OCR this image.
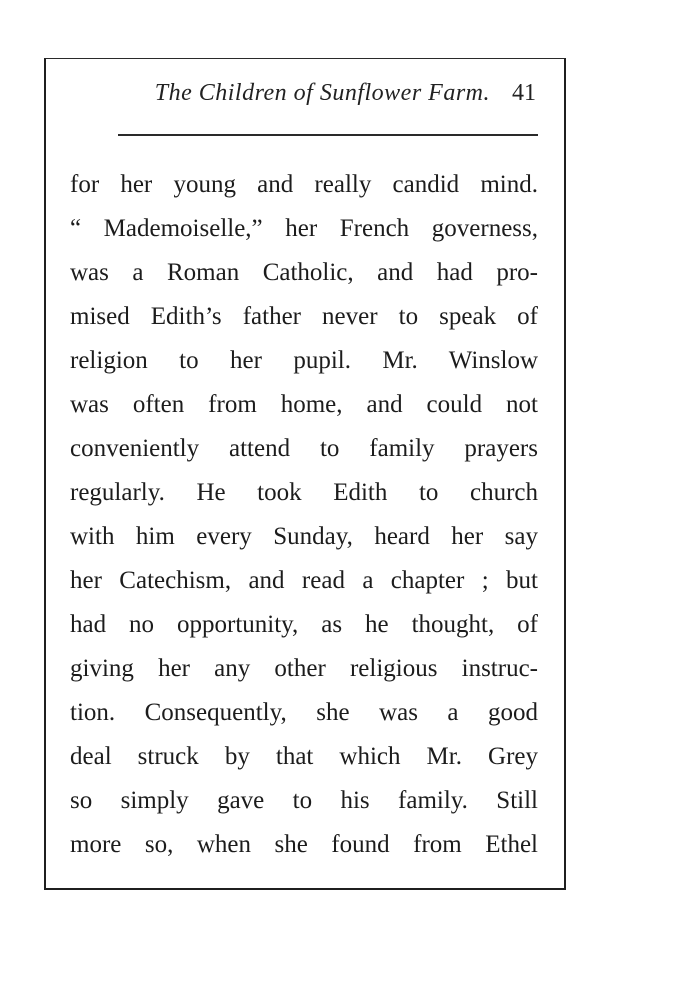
The Children of Sunflower Farm. 41
for her young and really candid mind.
“ Mademoiselle,” her French governess,
was a Roman Catholic, and had pro-
mised Edith’s father never to speak of
religion to her pupil. Mr. Winslow
was often from home, and could not
conveniently attend to family prayers
regularly. He took Edith to church
with him every Sunday, heard her say
her Catechism, and read a chapter ; but
had no opportunity, as he thought, of
giving her any other religious instruc-
tion. Consequently, she was a good
deal struck by that which Mr. Grey
so simply gave to his family. Still
more so, when she found from Ethel
